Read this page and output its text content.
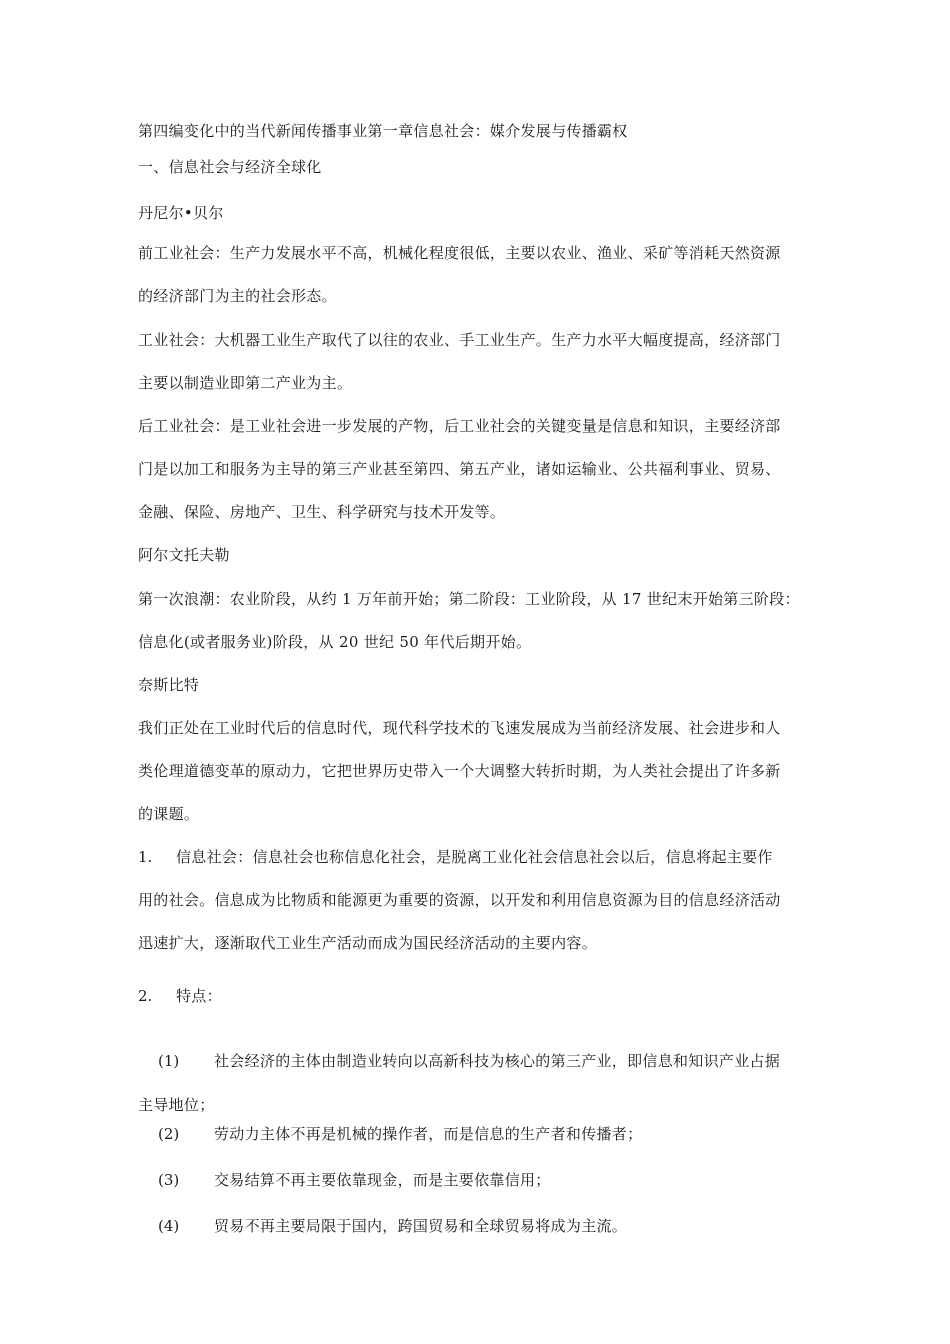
第四编变化中的当代新闻传播事业第一章信息社会：媒介发展与传播霸权
一、信息社会与经济全球化
丹尼尔•贝尔
前工业社会：生产力发展水平不高，机械化程度很低，主要以农业、渔业、采矿等消耗天然资源
的经济部门为主的社会形态。
工业社会：大机器工业生产取代了以往的农业、手工业生产。生产力水平大幅度提高，经济部门
主要以制造业即第二产业为主。
后工业社会：是工业社会进一步发展的产物，后工业社会的关键变量是信息和知识，主要经济部
门是以加工和服务为主导的第三产业甚至第四、第五产业，诸如运输业、公共福利事业、贸易、
金融、保险、房地产、卫生、科学研究与技术开发等。
阿尔文托夫勒
第一次浪潮：农业阶段，从约 1 万年前开始；第二阶段：工业阶段，从 17 世纪末开始第三阶段：
信息化(或者服务业)阶段，从 20 世纪 50 年代后期开始。
奈斯比特
我们正处在工业时代后的信息时代，现代科学技术的飞速发展成为当前经济发展、社会进步和人
类伦理道德变革的原动力，它把世界历史带入一个大调整大转折时期，为人类社会提出了许多新
的课题。
1. 信息社会：信息社会也称信息化社会，是脱离工业化社会信息社会以后，信息将起主要作
用的社会。信息成为比物质和能源更为重要的资源，以开发和利用信息资源为目的信息经济活动
迅速扩大，逐渐取代工业生产活动而成为国民经济活动的主要内容。
2. 特点：
(1) 社会经济的主体由制造业转向以高新科技为核心的第三产业，即信息和知识产业占据
主导地位；
(2) 劳动力主体不再是机械的操作者，而是信息的生产者和传播者；
(3) 交易结算不再主要依靠现金，而是主要依靠信用；
(4) 贸易不再主要局限于国内，跨国贸易和全球贸易将成为主流。
